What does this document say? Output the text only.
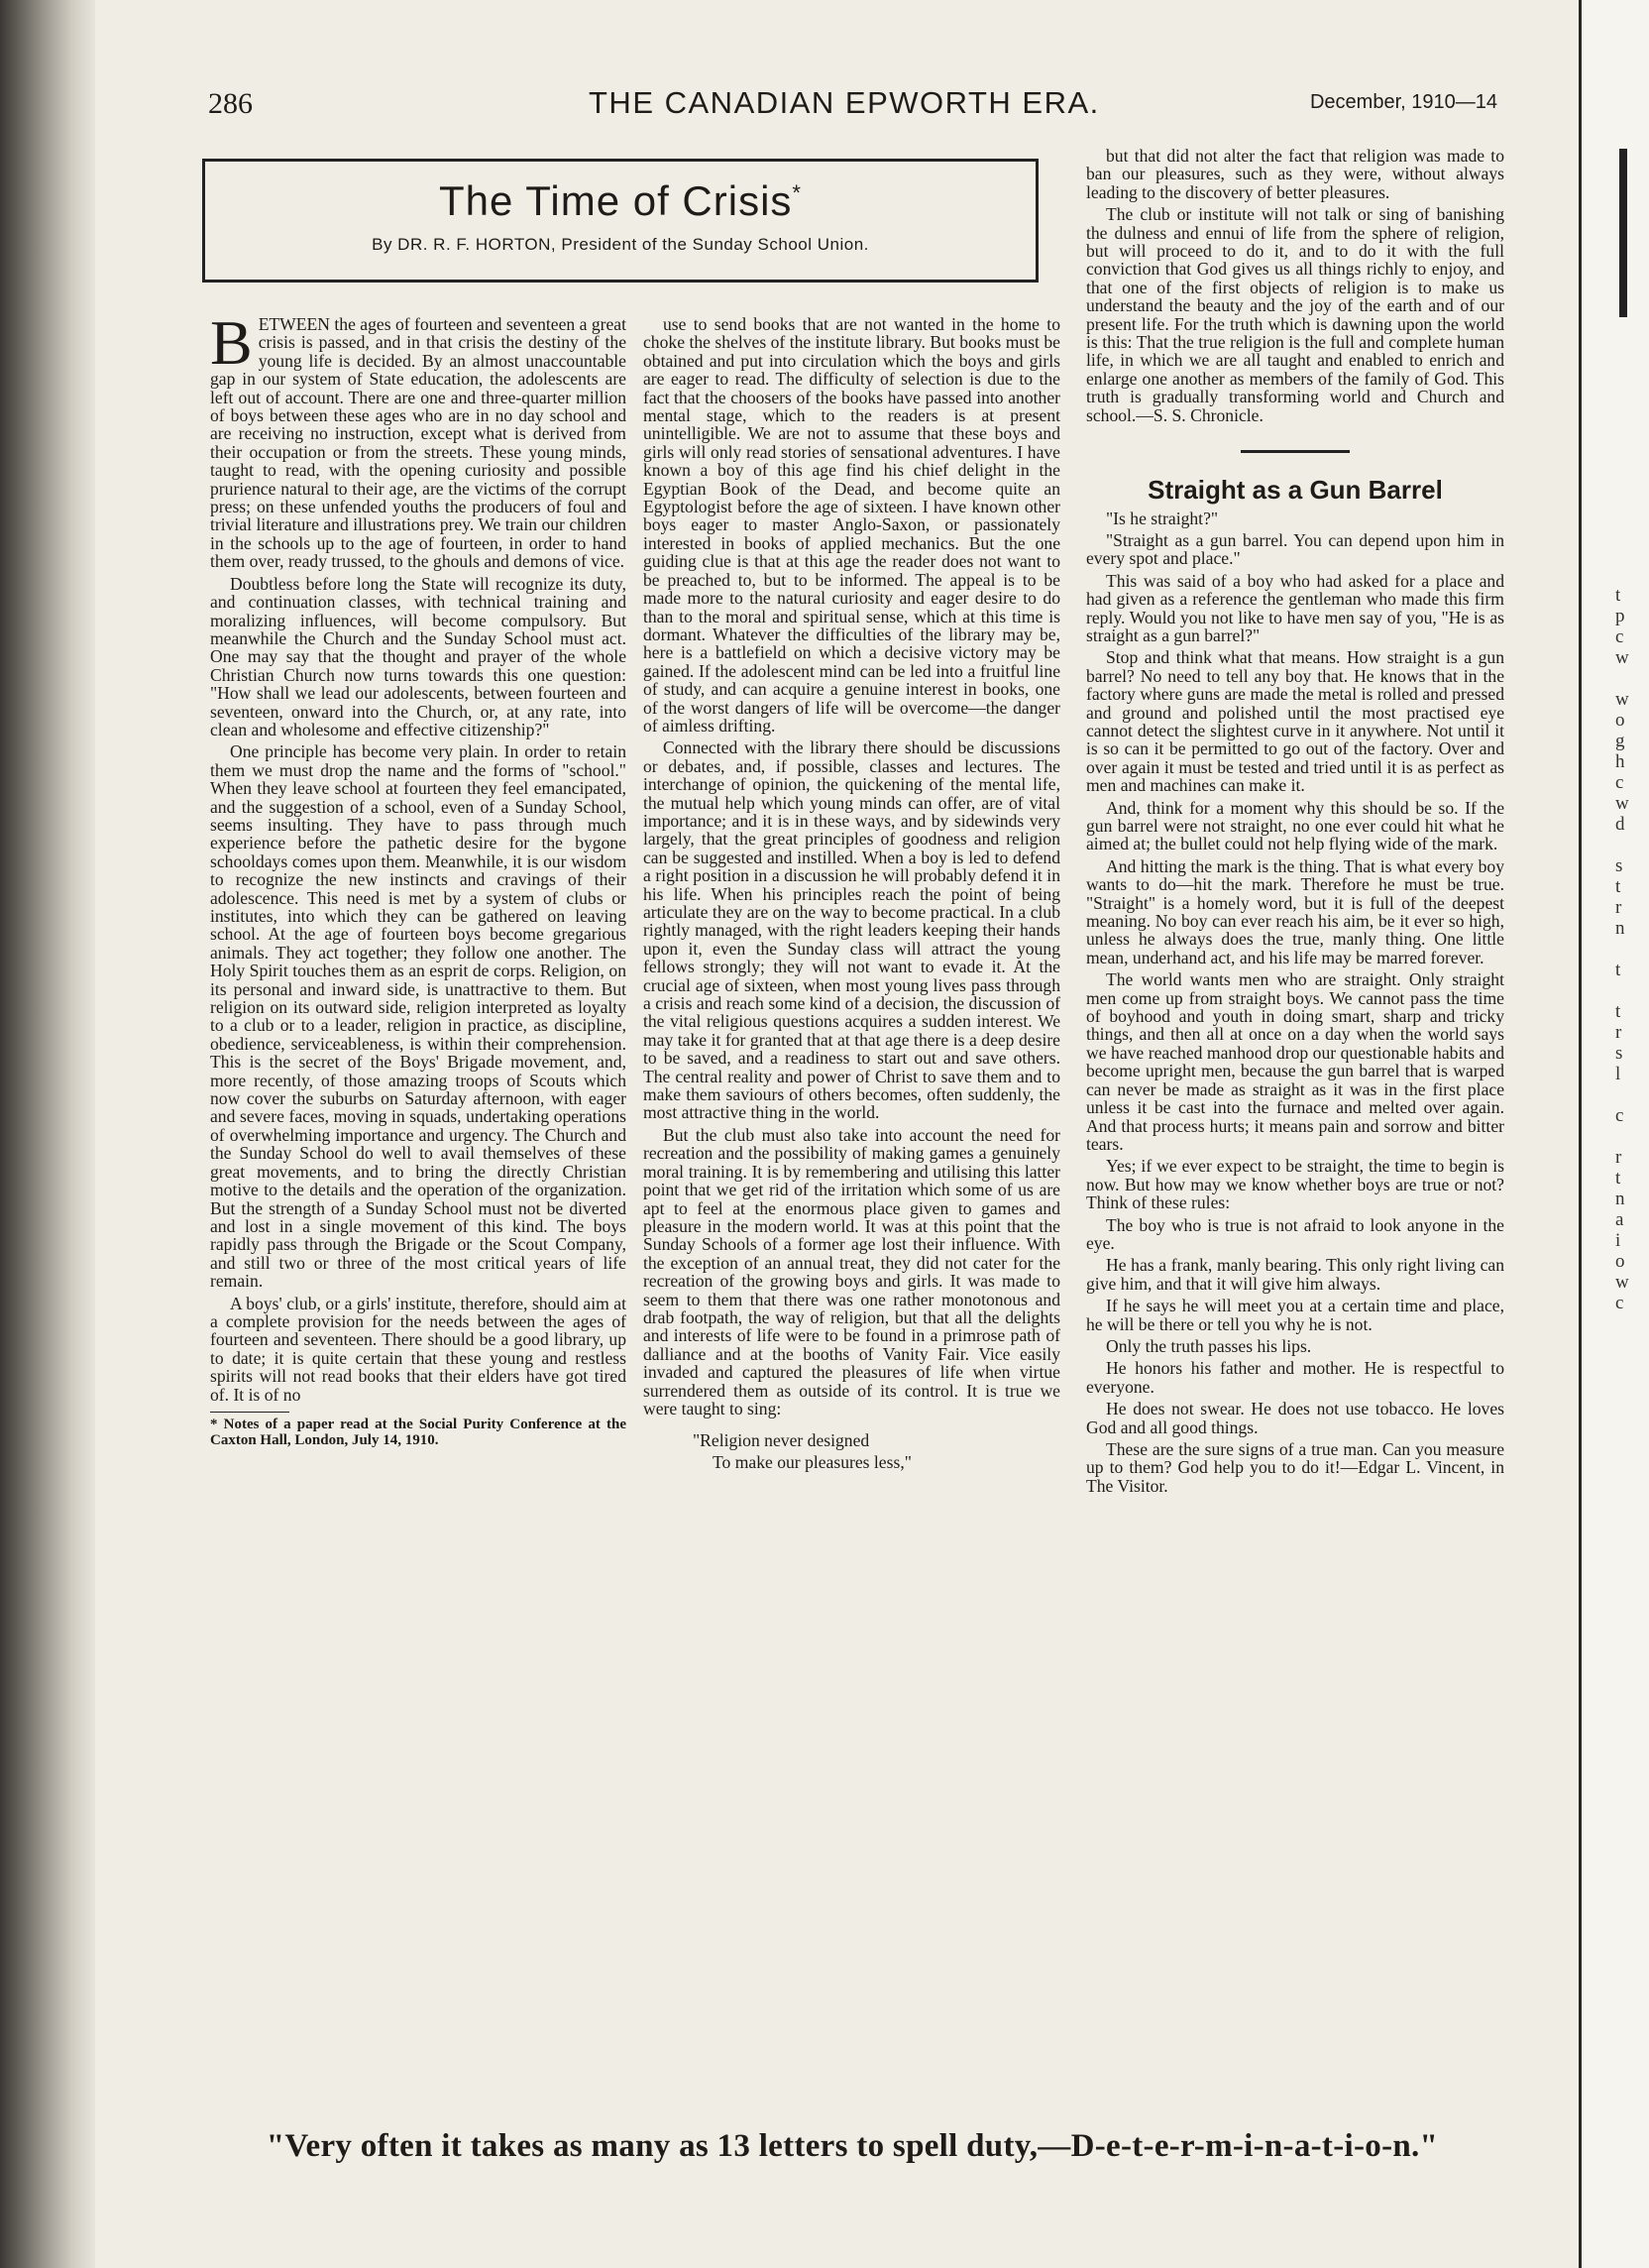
t
p
c
w
w
o
g
h
c
w
d
s
t
r
n
t
t
r
s
l
c
r
t
n
a
i
o
w
c
286	THE CANADIAN EPWORTH ERA.	December, 1910—14
The Time of Crisis*
By DR. R. F. HORTON, President of the Sunday School Union.

BETWEEN the ages of fourteen and seventeen a great crisis is passed, and in that crisis the destiny of the young life is decided. By an almost unaccountable gap in our system of State education, the adolescents are left out of account. There are one and three-quarter million of boys between these ages who are in no day school and are receiving no instruction, except what is derived from their occupation or from the streets. These young minds, taught to read, with the opening curiosity and possible prurience natural to their age, are the victims of the corrupt press; on these unfended youths the producers of foul and trivial literature and illustrations prey. We train our children in the schools up to the age of fourteen, in order to hand them over, ready trussed, to the ghouls and demons of vice.

Doubtless before long the State will recognize its duty, and continuation classes, with technical training and moralizing influences, will become compulsory. But meanwhile the Church and the Sunday School must act. One may say that the thought and prayer of the whole Christian Church now turns towards this one question: "How shall we lead our adolescents, between fourteen and seventeen, onward into the Church, or, at any rate, into clean and wholesome and effective citizenship?"

One principle has become very plain. In order to retain them we must drop the name and the forms of "school." When they leave school at fourteen they feel emancipated, and the suggestion of a school, even of a Sunday School, seems insulting. They have to pass through much experience before the pathetic desire for the bygone schooldays comes upon them. Meanwhile, it is our wisdom to recognize the new instincts and cravings of their adolescence. This need is met by a system of clubs or institutes, into which they can be gathered on leaving school. At the age of fourteen boys become gregarious animals. They act together; they follow one another. The Holy Spirit touches them as an esprit de corps. Religion, on its personal and inward side, is unattractive to them. But religion on its outward side, religion interpreted as loyalty to a club or to a leader, religion in practice, as discipline, obedience, serviceableness, is within their comprehension. This is the secret of the Boys' Brigade movement, and, more recently, of those amazing troops of Scouts which now cover the suburbs on Saturday afternoon, with eager and severe faces, moving in squads, undertaking operations of overwhelming importance and urgency. The Church and the Sunday School do well to avail themselves of these great movements, and to bring the directly Christian motive to the details and the operation of the organization. But the strength of a Sunday School must not be diverted and lost in a single movement of this kind. The boys rapidly pass through the Brigade or the Scout Company, and still two or three of the most critical years of life remain.

A boys' club, or a girls' institute, therefore, should aim at a complete provision for the needs between the ages of fourteen and seventeen. There should be a good library, up to date; it is quite certain that these young and restless spirits will not read books that their elders have got tired of. It is of no

* Notes of a paper read at the Social Purity Conference at the Caxton Hall, London, July 14, 1910.

use to send books that are not wanted in the home to choke the shelves of the institute library. But books must be obtained and put into circulation which the boys and girls are eager to read. The difficulty of selection is due to the fact that the choosers of the books have passed into another mental stage, which to the readers is at present unintelligible. We are not to assume that these boys and girls will only read stories of sensational adventures. I have known a boy of this age find his chief delight in the Egyptian Book of the Dead, and become quite an Egyptologist before the age of sixteen. I have known other boys eager to master Anglo-Saxon, or passionately interested in books of applied mechanics. But the one guiding clue is that at this age the reader does not want to be preached to, but to be informed. The appeal is to be made more to the natural curiosity and eager desire to do than to the moral and spiritual sense, which at this time is dormant. Whatever the difficulties of the library may be, here is a battlefield on which a decisive victory may be gained. If the adolescent mind can be led into a fruitful line of study, and can acquire a genuine interest in books, one of the worst dangers of life will be overcome—the danger of aimless drifting.

Connected with the library there should be discussions or debates, and, if possible, classes and lectures. The interchange of opinion, the quickening of the mental life, the mutual help which young minds can offer, are of vital importance; and it is in these ways, and by sidewinds very largely, that the great principles of goodness and religion can be suggested and instilled. When a boy is led to defend a right position in a discussion he will probably defend it in his life. When his principles reach the point of being articulate they are on the way to become practical. In a club rightly managed, with the right leaders keeping their hands upon it, even the Sunday class will attract the young fellows strongly; they will not want to evade it. At the crucial age of sixteen, when most young lives pass through a crisis and reach some kind of a decision, the discussion of the vital religious questions acquires a sudden interest. We may take it for granted that at that age there is a deep desire to be saved, and a readiness to start out and save others. The central reality and power of Christ to save them and to make them saviours of others becomes, often suddenly, the most attractive thing in the world.

But the club must also take into account the need for recreation and the possibility of making games a genuinely moral training. It is by remembering and utilising this latter point that we get rid of the irritation which some of us are apt to feel at the enormous place given to games and pleasure in the modern world. It was at this point that the Sunday Schools of a former age lost their influence. With the exception of an annual treat, they did not cater for the recreation of the growing boys and girls. It was made to seem to them that there was one rather monotonous and drab footpath, the way of religion, but that all the delights and interests of life were to be found in a primrose path of dalliance and at the booths of Vanity Fair. Vice easily invaded and captured the pleasures of life when virtue surrendered them as outside of its control. It is true we were taught to sing:

"Religion never designed
To make our pleasures less,"

but that did not alter the fact that religion was made to ban our pleasures, such as they were, without always leading to the discovery of better pleasures.

The club or institute will not talk or sing of banishing the dulness and ennui of life from the sphere of religion, but will proceed to do it, and to do it with the full conviction that God gives us all things richly to enjoy, and that one of the first objects of religion is to make us understand the beauty and the joy of the earth and of our present life. For the truth which is dawning upon the world is this: That the true religion is the full and complete human life, in which we are all taught and enabled to enrich and enlarge one another as members of the family of God. This truth is gradually transforming world and Church and school.—S. S. Chronicle.

Straight as a Gun Barrel

"Is he straight?"

"Straight as a gun barrel. You can depend upon him in every spot and place."

This was said of a boy who had asked for a place and had given as a reference the gentleman who made this firm reply. Would you not like to have men say of you, "He is as straight as a gun barrel?"

Stop and think what that means. How straight is a gun barrel? No need to tell any boy that. He knows that in the factory where guns are made the metal is rolled and pressed and ground and polished until the most practised eye cannot detect the slightest curve in it anywhere. Not until it is so can it be permitted to go out of the factory. Over and over again it must be tested and tried until it is as perfect as men and machines can make it.

And, think for a moment why this should be so. If the gun barrel were not straight, no one ever could hit what he aimed at; the bullet could not help flying wide of the mark.

And hitting the mark is the thing. That is what every boy wants to do—hit the mark. Therefore he must be true. "Straight" is a homely word, but it is full of the deepest meaning. No boy can ever reach his aim, be it ever so high, unless he always does the true, manly thing. One little mean, underhand act, and his life may be marred forever.

The world wants men who are straight. Only straight men come up from straight boys. We cannot pass the time of boyhood and youth in doing smart, sharp and tricky things, and then all at once on a day when the world says we have reached manhood drop our questionable habits and become upright men, because the gun barrel that is warped can never be made as straight as it was in the first place unless it be cast into the furnace and melted over again. And that process hurts; it means pain and sorrow and bitter tears.

Yes; if we ever expect to be straight, the time to begin is now. But how may we know whether boys are true or not? Think of these rules:

The boy who is true is not afraid to look anyone in the eye.

He has a frank, manly bearing. This only right living can give him, and that it will give him always.

If he says he will meet you at a certain time and place, he will be there or tell you why he is not.

Only the truth passes his lips.

He honors his father and mother. He is respectful to everyone.

He does not swear. He does not use tobacco. He loves God and all good things.

These are the sure signs of a true man. Can you measure up to them? God help you to do it!—Edgar L. Vincent, in The Visitor.

"Very often it takes as many as 13 letters to spell duty,—D-e-t-e-r-m-i-n-a-t-i-o-n."
